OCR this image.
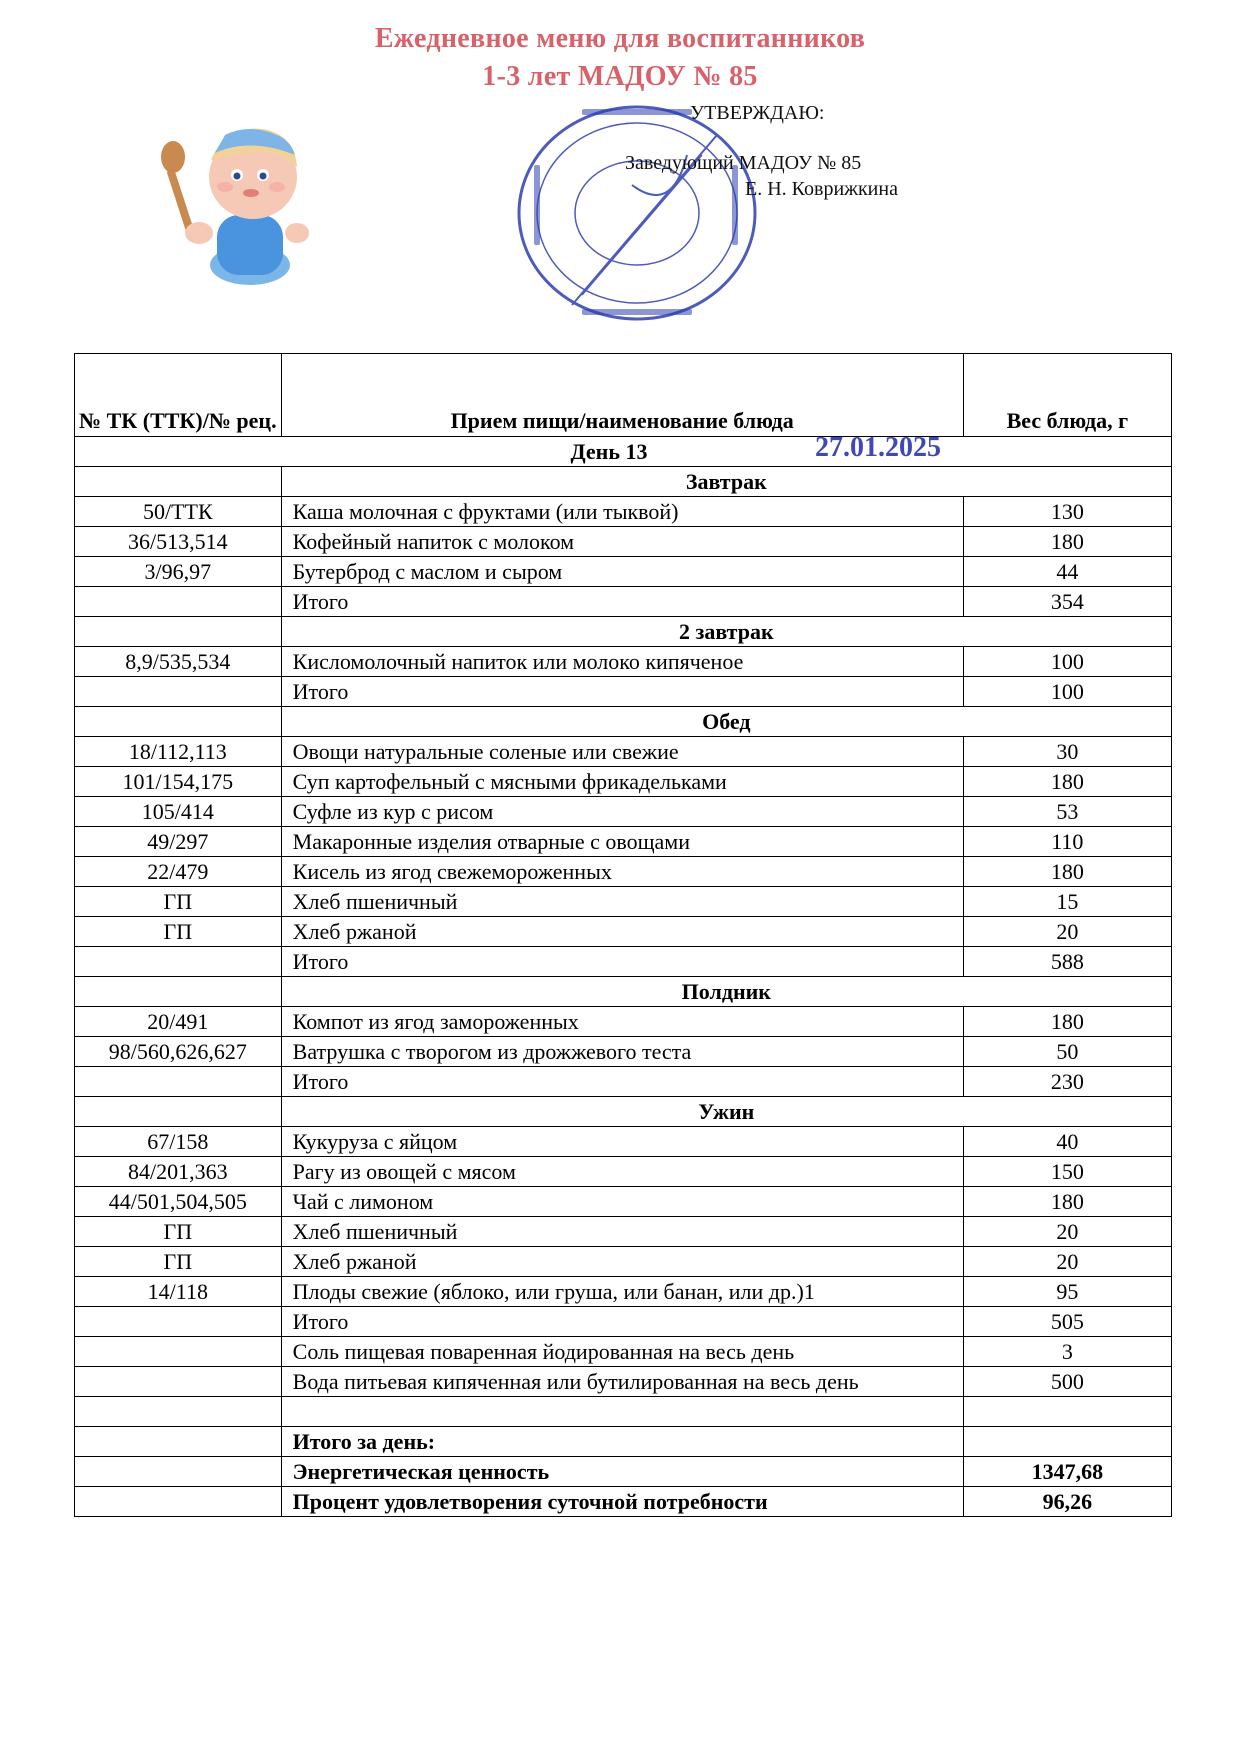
Ежедневное меню для воспитанников
1-3 лет МАДОУ № 85
УТВЕРЖДАЮ:
Заведующий МАДОУ № 85
Е. Н. Коврижкина
№ ТК (ТТК)/№ рец.	Прием пищи/наименование блюда	Вес блюда, г
День 13 27.01.2025		

	Завтрак	
50/ТТК	Каша молочная с фруктами (или тыквой)	130
36/513,514	Кофейный напиток с молоком	180
3/96,97	Бутерброд с маслом и сыром	44
	Итого	354
	2 завтрак	
8,9/535,534	Кисломолочный напиток или молоко кипяченое	100
	Итого	100
	Обед	
18/112,113	Овощи натуральные соленые или свежие	30
101/154,175	Суп картофельный с мясными фрикадельками	180
105/414	Суфле из кур с рисом	53
49/297	Макаронные изделия отварные с овощами	110
22/479	Кисель из ягод свежемороженных	180
ГП	Хлеб пшеничный	15
ГП	Хлеб ржаной	20
	Итого	588
	Полдник	
20/491	Компот из ягод замороженных	180
98/560,626,627	Ватрушка с творогом из дрожжевого теста	50
	Итого	230
	Ужин	
67/158	Кукуруза с яйцом	40
84/201,363	Рагу из овощей с мясом	150
44/501,504,505	Чай с лимоном	180
ГП	Хлеб пшеничный	20
ГП	Хлеб ржаной	20
14/118	Плоды свежие (яблоко, или груша, или банан, или др.)1	95
	Итого	505
	Соль пищевая поваренная йодированная на весь день	3
	Вода питьевая кипяченная или бутилированная на весь день	500

	Итого за день:	
	Энергетическая ценность	1347,68
	Процент удовлетворения суточной потребности	96,26
